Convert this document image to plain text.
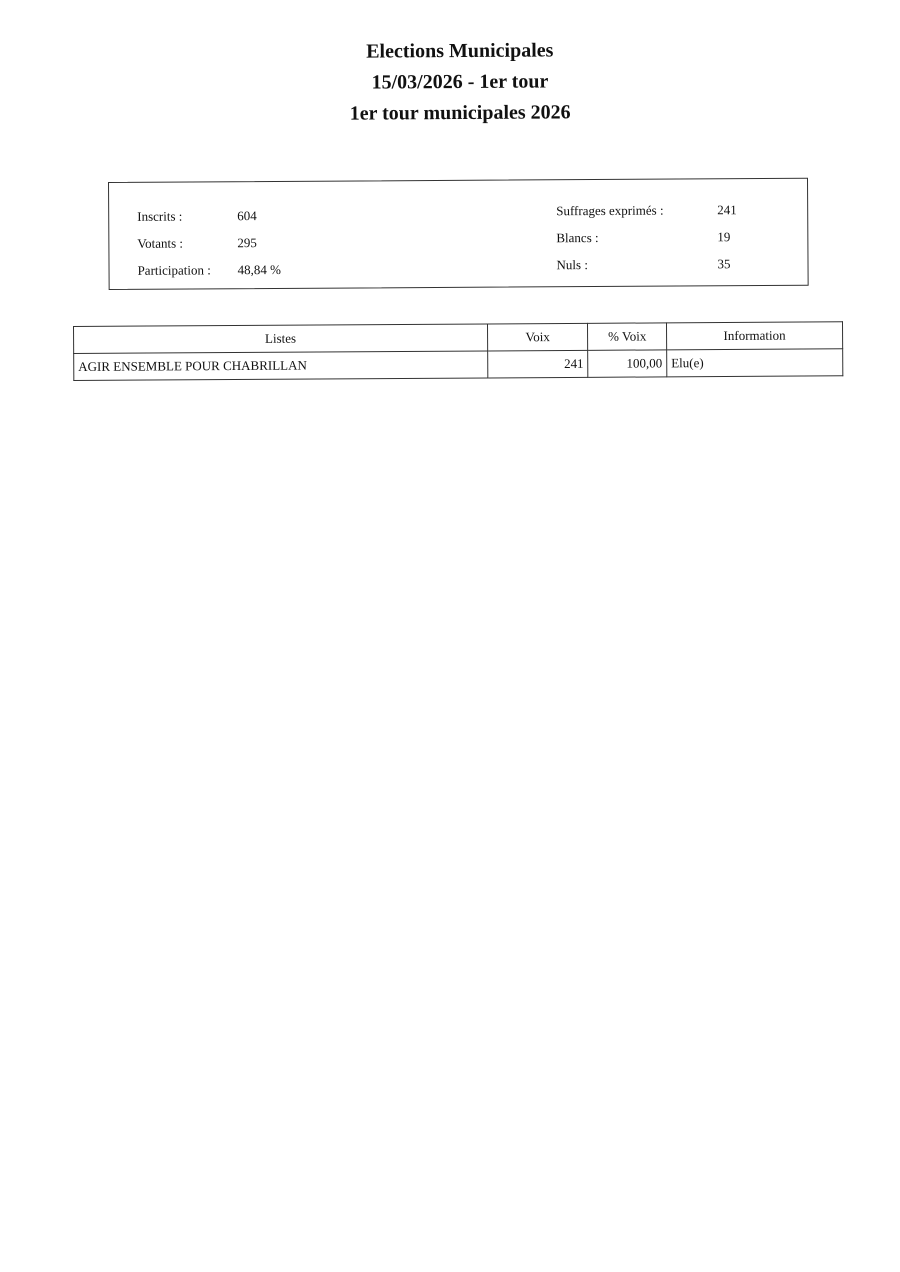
Elections Municipales
15/03/2026 - 1er tour
1er tour municipales 2026
Inscrits :	604
Votants :	295
Participation :	48,84 %
Suffrages exprimés :	241
Blancs :	19
Nuls :	35
Listes	Voix	% Voix	Information
AGIR ENSEMBLE POUR CHABRILLAN	241	100,00	Elu(e)
